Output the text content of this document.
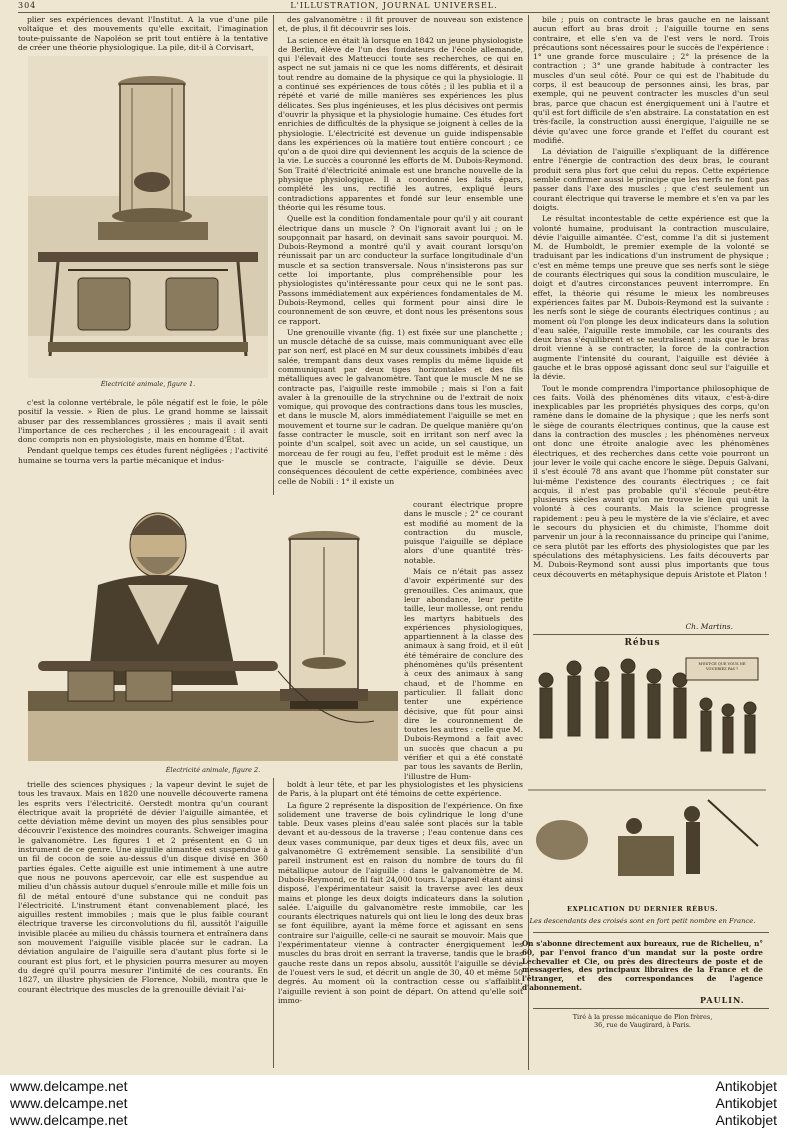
304	L'ILLUSTRATION, JOURNAL UNIVERSEL.

plier ses expériences devant l'Institut. A la vue d'une pile voltaïque et des mouvements qu'elle excitait, l'imagination toute-puissante de Napoléon se prit tout entière à la tentative de créer une théorie physiologique. La pile, dit-il à Corvisart,

Électricité animale, figure 1.

c'est la colonne vertébrale, le pôle négatif est le foie, le pôle positif la vessie. » Rien de plus. Le grand homme se laissait abuser par des ressemblances grossières ; mais il avait senti l'importance de ces recherches ; il les encourageait : il avait donc compris non en physiologiste, mais en homme d'État.

Pendant quelque temps ces études furent négligées ; l'activité humaine se tourna vers la partie mécanique et indus-

Électricité animale, figure 2.

trielle des sciences physiques ; la vapeur devint le sujet de tous les travaux. Mais en 1820 une nouvelle découverte ramena les esprits vers l'électricité. Oerstedt montra qu'un courant électrique avait la propriété de dévier l'aiguille aimantée, et cette déviation même devint un moyen des plus sensibles pour découvrir l'existence des moindres courants. Schweiger imagina le galvanomètre. Les figures 1 et 2 présentent en G un instrument de ce genre. Une aiguille aimantée est suspendue à un fil de cocon de soie au-dessus d'un disque divisé en 360 parties égales. Cette aiguille est unie intimement à une autre que nous ne pouvons apercevoir, car elle est suspendue au milieu d'un châssis autour duquel s'enroule mille et mille fois un fil de métal entouré d'une substance qui ne conduit pas l'électricité. L'instrument étant convenablement placé, les aiguilles restent immobiles ; mais que le plus faible courant électrique traverse les circonvolutions du fil, aussitôt l'aiguille invisible placée au milieu du châssis tournera et entraînera dans son mouvement l'aiguille visible placée sur le cadran. La déviation angulaire de l'aiguille sera d'autant plus forte si le courant est plus fort, et le physicien pourra mesurer au moyen du degré qu'il pourra mesurer l'intimité de ces courants. En 1827, un illustre physicien de Florence, Nobili, montra que le courant électrique des muscles de la grenouille déviait l'ai-

des galvanomètre : il fit prouver de nouveau son existence et, de plus, il fit découvrir ses lois.

La science en était là lorsque en 1842 un jeune physiologiste de Berlin, élève de l'un des fondateurs de l'école allemande, qui l'élevait des Matteucci toute ses recherches, ce qui en aspect ne sut jamais ni ce que les noms différents, et désirait tout rendre au domaine de la physique ce qui la physiologie. Il a continué ses expériences de tous côtés ; il les publia et il a répété et varié de mille manières ses expériences les plus délicates. Ses plus ingénieuses, et les plus décisives ont permis d'ouvrir la physique et la physiologie humaine. Ces études fort enrichies de difficultés de la physique se joignent à celles de la physiologie. L'électricité est devenue un guide indispensable dans les expériences où la matière tout entière concourt ; ce qu'on a de quoi dire qui deviennent les acquis de la science de la vie. Le succès a couronné les efforts de M. Dubois-Reymond. Son Traité d'électricité animale est une branche nouvelle de la physique physiologique. Il a coordonné les faits épars, complété les uns, rectifié les autres, expliqué leurs contradictions apparentes et fondé sur leur ensemble une théorie qui les résume tous.

Quelle est la condition fondamentale pour qu'il y ait courant électrique dans un muscle ? On l'ignorait avant lui ; on le soupçonnait par hasard, on devinait sans savoir pourquoi. M. Dubois-Reymond a montré qu'il y avait courant lorsqu'on réunissait par un arc conducteur la surface longitudinale d'un muscle et sa section transversale. Nous n'insisterons pas sur cette loi importante, plus compréhensible pour les physiologistes qu'intéressante pour ceux qui ne le sont pas. Passons immédiatement aux expériences fondamentales de M. Dubois-Reymond, celles qui forment pour ainsi dire le couronnement de son œuvre, et dont nous les présentons sous ce rapport.

Une grenouille vivante (fig. 1) est fixée sur une planchette ; un muscle détaché de sa cuisse, mais communiquant avec elle par son nerf, est placé en M sur deux coussinets imbibés d'eau salée, trempant dans deux vases remplis du même liquide et communiquant par deux tiges horizontales et des fils métalliques avec le galvanomètre. Tant que le muscle M ne se contracte pas, l'aiguille reste immobile ; mais si l'on a fait avaler à la grenouille de la strychnine ou de l'extrait de noix vomique, qui provoque des contractions dans tous les muscles, et dans le muscle M, alors immédiatement l'aiguille se met en mouvement et tourne sur le cadran. De quelque manière qu'on fasse contracter le muscle, soit en irritant son nerf avec la pointe d'un scalpel, soit avec un acide, un sel caustique, un morceau de fer rougi au feu, l'effet produit est le même : dès que le muscle se contracte, l'aiguille se dévie. Deux conséquences découlent de cette expérience, combinées avec celle de Nobili : 1° il existe un

courant électrique propre dans le muscle ; 2° ce courant est modifié au moment de la contraction du muscle, puisque l'aiguille se déplace alors d'une quantité très-notable.

Mais ce n'était pas assez d'avoir expérimenté sur des grenouilles. Ces animaux, que leur abondance, leur petite taille, leur mollesse, ont rendu les martyrs habituels des expériences physiologiques, appartiennent à la classe des animaux à sang froid, et il eût été téméraire de conclure des phénomènes qu'ils présentent à ceux des animaux à sang chaud, et de l'homme en particulier. Il fallait donc tenter une expérience décisive, que fût pour ainsi dire le couronnement de toutes les autres : celle que M. Dubois-Reymond a fait avec un succès que chacun a pu vérifier et qui a été constaté par tous les savants de Berlin, l'illustre de Hum-

boldt à leur tête, et par les physiologistes et les physiciens de Paris, à la plupart ont été témoins de cette expérience.

La figure 2 représente la disposition de l'expérience. On fixe solidement une traverse de bois cylindrique le long d'une table. Deux vases pleins d'eau salée sont placés sur la table devant et au-dessous de la traverse ; l'eau contenue dans ces deux vases communique, par deux tiges et deux fils, avec un galvanomètre G extrêmement sensible. La sensibilité d'un pareil instrument est en raison du nombre de tours du fil métallique autour de l'aiguille : dans le galvanomètre de M. Dubois-Reymond, ce fil fait 24,000 tours. L'appareil étant ainsi disposé, l'expérimentateur saisit la traverse avec les deux mains et plonge les deux doigts indicateurs dans la solution salée. L'aiguille du galvanomètre reste immobile, car les courants électriques naturels qui ont lieu le long des deux bras se font équilibre, ayant la même force et agissant en sens contraire sur l'aiguille, celle-ci ne saurait se mouvoir. Mais que l'expérimentateur vienne à contracter énergiquement les muscles du bras droit en serrant la traverse, tandis que le bras gauche reste dans un repos absolu, aussitôt l'aiguille se dévie de l'ouest vers le sud, et décrit un angle de 30, 40 et même 50 degrés. Au moment où la contraction cesse ou s'affaiblit, l'aiguille revient à son point de départ. On attend qu'elle soit immo-

bile ; puis on contracte le bras gauche en ne laissant aucun effort au bras droit ; l'aiguille tourne en sens contraire, et elle s'en va de l'est vers le nord. Trois précautions sont nécessaires pour le succès de l'expérience : 1° une grande force musculaire ; 2° la présence de la contraction ; 3° une grande habitude à contracter les muscles d'un seul côté. Pour ce qui est de l'habitude du corps, il est beaucoup de personnes ainsi, les bras, par exemple, qui ne peuvent contracter les muscles d'un seul bras, parce que chacun est énergiquement uni à l'autre et qu'il est fort difficile de s'en abstraire. La constatation en est très-facile, la construction aussi énergique, l'aiguille ne se dévie qu'avec une force grande et l'effet du courant est modifié.

La déviation de l'aiguille s'expliquant de la différence entre l'énergie de contraction des deux bras, le courant produit sera plus fort que celui du repos. Cette expérience semble confirmer aussi le principe que les nerfs ne font pas passer dans l'axe des muscles ; que c'est seulement un courant électrique qui traverse le membre et s'en va par les doigts.

Le résultat incontestable de cette expérience est que la volonté humaine, produisant la contraction musculaire, dévie l'aiguille aimantée. C'est, comme l'a dit si justement M. de Humboldt, le premier exemple de la volonté se traduisant par les indications d'un instrument de physique ; c'est en même temps une preuve que ses nerfs sont le siège de courants électriques qui sous la condition musculaire, le doigt et d'autres circonstances peuvent interrompre. En effet, la théorie qui résume le mieux les nombreuses expériences faites par M. Dubois-Reymond est la suivante : les nerfs sont le siège de courants électriques continus ; au moment où l'on plonge les deux indicateurs dans la solution d'eau salée, l'aiguille reste immobile, car les courants des deux bras s'équilibrent et se neutralisent ; mais que le bras droit vienne à se contracter, la force de la contraction augmente l'intensité du courant, l'aiguille est déviée à gauche et le bras opposé agissant donc seul sur l'aiguille et la dévie.

Tout le monde comprendra l'importance philosophique de ces faits. Voilà des phénomènes dits vitaux, c'est-à-dire inexplicables par les propriétés physiques des corps, qu'on ramène dans le domaine de la physique ; que les nerfs sont le siège de courants électriques continus, que la cause est dans la contraction des muscles ; les phénomènes nerveux ont donc une étroite analogie avec les phénomènes électriques, et des recherches dans cette voie pourront un jour lever le voile qui cache encore le siège. Depuis Galvani, il s'est écoulé 78 ans avant que l'homme pût constater sur lui-même l'existence des courants électriques ; ce fait acquis, il n'est pas probable qu'il s'écoule peut-être plusieurs siècles avant qu'on ne trouve le lien qui unit la volonté à ces courants. Mais la science progresse rapidement : peu à peu le mystère de la vie s'éclaire, et avec le secours du physicien et du chimiste, l'homme doit parvenir un jour à la reconnaissance du principe qui l'anime, ce sera plutôt par les efforts des physiologistes que par les spéculations des métaphysiciens. Les faits découverts par M. Dubois-Reymond sont aussi plus importants que tous ceux découverts en métaphysique depuis Aristote et Platon !

Ch. Martins.
Rébus
M'EST-CE QUE VOUS NE VOUDRIEZ PAS ?
EXPLICATION DU DERNIER RÉBUS.
Les descendants des croisés sont en fort petit nombre en France.
On s'abonne directement aux bureaux, rue de Richelieu, n° 60, par l'envoi franco d'un mandat sur la poste ordre Lechevalier et Cie, ou près des directeurs de poste et de messageries, des principaux libraires de la France et de l'étranger, et des correspondances de l'agence d'abonnement.
PAULIN.
Tiré à la presse mécanique de Plon frères,
36, rue de Vaugirard, à Paris.
www.delcampe.net
www.delcampe.net
www.delcampe.net
Antikobjet
Antikobjet
Antikobjet
